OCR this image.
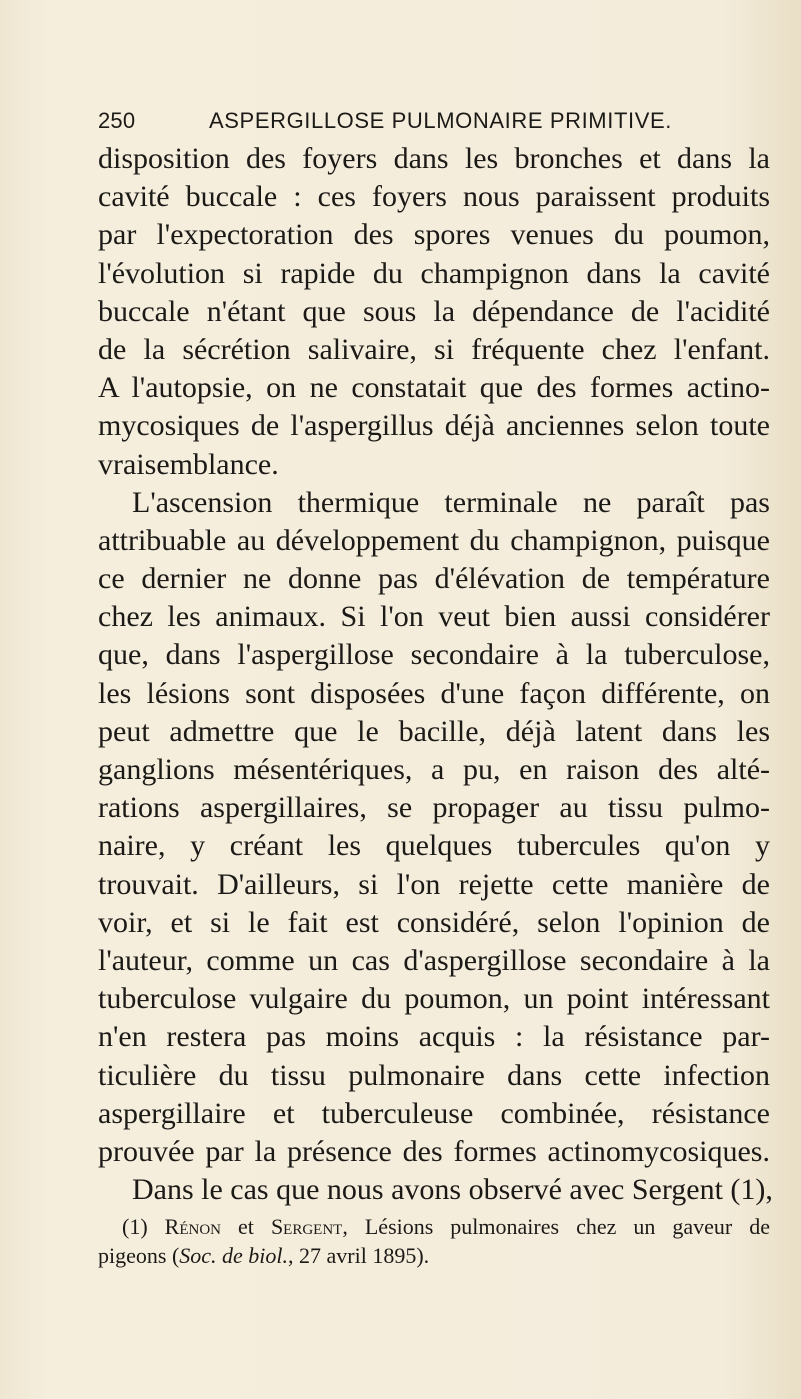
250	ASPERGILLOSE PULMONAIRE PRIMITIVE.
disposition des foyers dans les bronches et dans la
cavité buccale : ces foyers nous paraissent produits
par l'expectoration des spores venues du poumon,
l'évolution si rapide du champignon dans la cavité
buccale n'étant que sous la dépendance de l'acidité
de la sécrétion salivaire, si fréquente chez l'enfant.
A l'autopsie, on ne constatait que des formes actino-
mycosiques de l'aspergillus déjà anciennes selon toute
vraisemblance.
L'ascension thermique terminale ne paraît pas
attribuable au développement du champignon, puisque
ce dernier ne donne pas d'élévation de température
chez les animaux. Si l'on veut bien aussi considérer
que, dans l'aspergillose secondaire à la tuberculose,
les lésions sont disposées d'une façon différente, on
peut admettre que le bacille, déjà latent dans les
ganglions mésentériques, a pu, en raison des alté-
rations aspergillaires, se propager au tissu pulmo-
naire, y créant les quelques tubercules qu'on y
trouvait. D'ailleurs, si l'on rejette cette manière de
voir, et si le fait est considéré, selon l'opinion de
l'auteur, comme un cas d'aspergillose secondaire à la
tuberculose vulgaire du poumon, un point intéressant
n'en restera pas moins acquis : la résistance par-
ticulière du tissu pulmonaire dans cette infection
aspergillaire et tuberculeuse combinée, résistance
prouvée par la présence des formes actinomycosiques.
Dans le cas que nous avons observé avec Sergent (1),
(1) Rénon et Sergent, Lésions pulmonaires chez un gaveur de
pigeons (Soc. de biol., 27 avril 1895).
